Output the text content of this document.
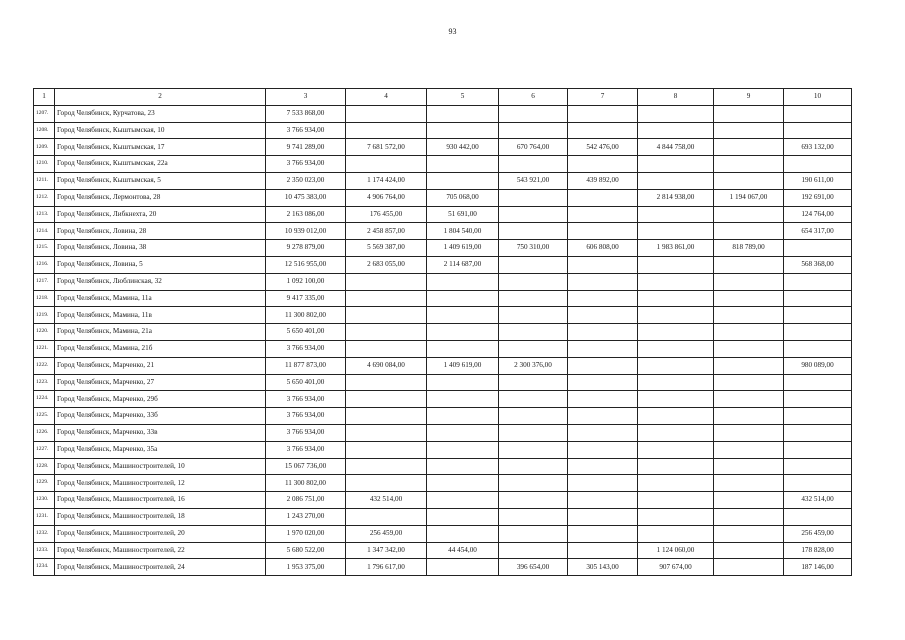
93
1	2	3	4	5	6	7	8	9	10
1207.	Город Челябинск, Курчатова, 23	7 533 868,00							
1208.	Город Челябинск, Кыштымская, 10	3 766 934,00							
1209.	Город Челябинск, Кыштымская, 17	9 741 289,00	7 681 572,00	930 442,00	670 764,00	542 476,00	4 844 758,00		693 132,00
1210.	Город Челябинск, Кыштымская, 22а	3 766 934,00							
1211.	Город Челябинск, Кыштымская, 5	2 350 023,00	1 174 424,00		543 921,00	439 892,00			190 611,00
1212.	Город Челябинск, Лермонтова, 28	10 475 383,00	4 906 764,00	705 068,00			2 814 938,00	1 194 067,00	192 691,00
1213.	Город Челябинск, Либкнехта, 20	2 163 086,00	176 455,00	51 691,00					124 764,00
1214.	Город Челябинск, Ловина, 28	10 939 012,00	2 458 857,00	1 804 540,00					654 317,00
1215.	Город Челябинск, Ловина, 38	9 278 879,00	5 569 387,00	1 409 619,00	750 310,00	606 808,00	1 983 861,00	818 789,00	
1216.	Город Челябинск, Ловина, 5	12 516 955,00	2 683 055,00	2 114 687,00					568 368,00
1217.	Город Челябинск, Люблинская, 32	1 092 100,00							
1218.	Город Челябинск, Мамина, 11а	9 417 335,00							
1219.	Город Челябинск, Мамина, 11в	11 300 802,00							
1220.	Город Челябинск, Мамина, 21а	5 650 401,00							
1221.	Город Челябинск, Мамина, 21б	3 766 934,00							
1222.	Город Челябинск, Марченко, 21	11 877 873,00	4 690 084,00	1 409 619,00	2 300 376,00				980 089,00
1223.	Город Челябинск, Марченко, 27	5 650 401,00							
1224.	Город Челябинск, Марченко, 29б	3 766 934,00							
1225.	Город Челябинск, Марченко, 33б	3 766 934,00							
1226.	Город Челябинск, Марченко, 33в	3 766 934,00							
1227.	Город Челябинск, Марченко, 35а	3 766 934,00							
1228.	Город Челябинск, Машиностроителей, 10	15 067 736,00							
1229.	Город Челябинск, Машиностроителей, 12	11 300 802,00							
1230.	Город Челябинск, Машиностроителей, 16	2 086 751,00	432 514,00						432 514,00
1231.	Город Челябинск, Машиностроителей, 18	1 243 270,00							
1232.	Город Челябинск, Машиностроителей, 20	1 970 020,00	256 459,00						256 459,00
1233.	Город Челябинск, Машиностроителей, 22	5 680 522,00	1 347 342,00	44 454,00			1 124 060,00		178 828,00
1234.	Город Челябинск, Машиностроителей, 24	1 953 375,00	1 796 617,00		396 654,00	305 143,00	907 674,00		187 146,00
